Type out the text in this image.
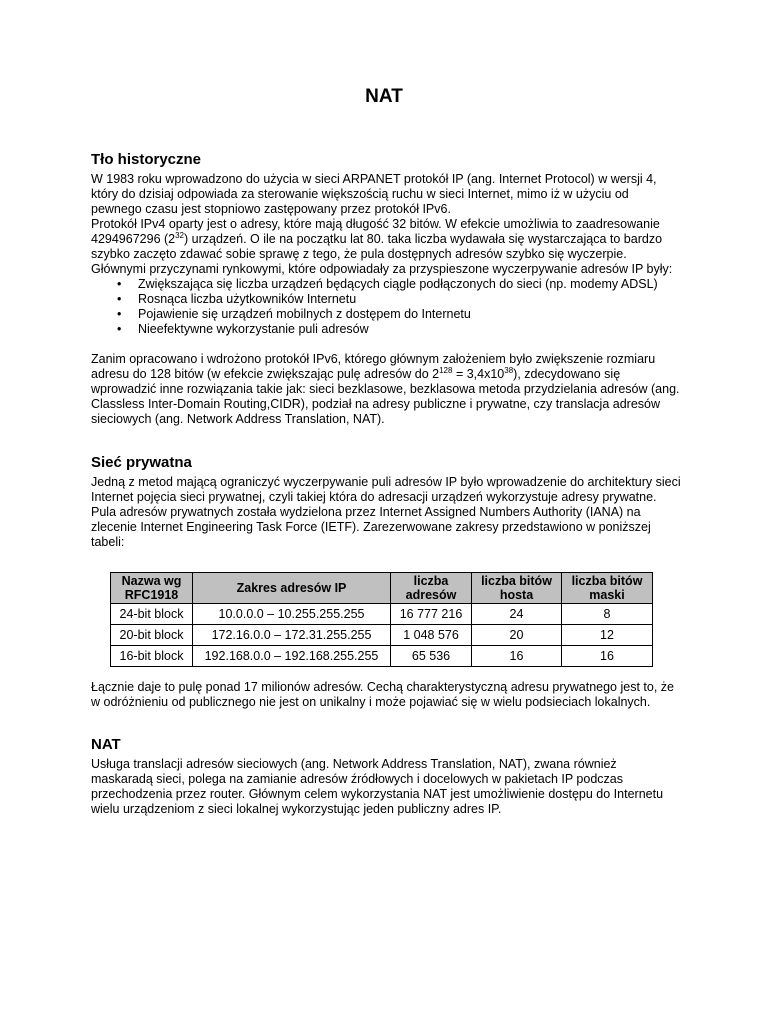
NAT
Tło historyczne

W 1983 roku wprowadzono do użycia w sieci ARPANET protokół IP (ang. Internet Protocol) w wersji 4, który do dzisiaj odpowiada za sterowanie większością ruchu w sieci Internet, mimo iż w użyciu od pewnego czasu jest stopniowo zastępowany przez protokół IPv6.

Protokół IPv4 oparty jest o adresy, które mają długość 32 bitów. W efekcie umożliwia to zaadresowanie 4294967296 $(2^{32})$ urządzeń. O ile na początku lat 80. taka liczba wydawała się wystarczająca to bardzo szybko zaczęto zdawać sobie sprawę z tego, że pula dostępnych adresów szybko się wyczerpie. Głównymi przyczynami rynkowymi, które odpowiadały za przyspieszone wyczerpywanie adresów IP były:

• Zwiększająca się liczba urządzeń będących ciągle podłączonych do sieci (np. modemy ADSL)
• Rosnąca liczba użytkowników Internetu
• Pojawienie się urządzeń mobilnych z dostępem do Internetu
• Nieefektywne wykorzystanie puli adresów

Zanim opracowano i wdrożono protokół IPv6, którego głównym założeniem było zwiększenie rozmiaru adresu do 128 bitów (w efekcie zwiększając pulę adresów do $2^{128} = 3,4x10^{38}$), zdecydowano się wprowadzić inne rozwiązania takie jak: sieci bezklasowe, bezklasowa metoda przydzielania adresów (ang. Classless Inter-Domain Routing,CIDR), podział na adresy publiczne i prywatne, czy translacja adresów sieciowych (ang. Network Address Translation, NAT).

Sieć prywatna

Jedną z metod mającą ograniczyć wyczerpywanie puli adresów IP było wprowadzenie do architektury sieci Internet pojęcia sieci prywatnej, czyli takiej która do adresacji urządzeń wykorzystuje adresy prywatne.

Pula adresów prywatnych została wydzielona przez Internet Assigned Numbers Authority (IANA) na zlecenie Internet Engineering Task Force (IETF). Zarezerwowane zakresy przedstawiono w poniższej tabeli:

Nazwa wg RFC1918	Zakres adresów IP	liczba adresów	liczba bitów hosta	liczba bitów maski
24-bit block	10.0.0.0 – 10.255.255.255	16 777 216	24	8
20-bit block	172.16.0.0 – 172.31.255.255	1 048 576	20	12
16-bit block	192.168.0.0 – 192.168.255.255	65 536	16	16

Łącznie daje to pulę ponad 17 milionów adresów. Cechą charakterystyczną adresu prywatnego jest to, że w odróżnieniu od publicznego nie jest on unikalny i może pojawiać się w wielu podsieciach lokalnych.

NAT

Usługa translacji adresów sieciowych (ang. Network Address Translation, NAT), zwana również maskaradą sieci, polega na zamianie adresów źródłowych i docelowych w pakietach IP podczas przechodzenia przez router. Głównym celem wykorzystania NAT jest umożliwienie dostępu do Internetu wielu urządzeniom z sieci lokalnej wykorzystując jeden publiczny adres IP.
